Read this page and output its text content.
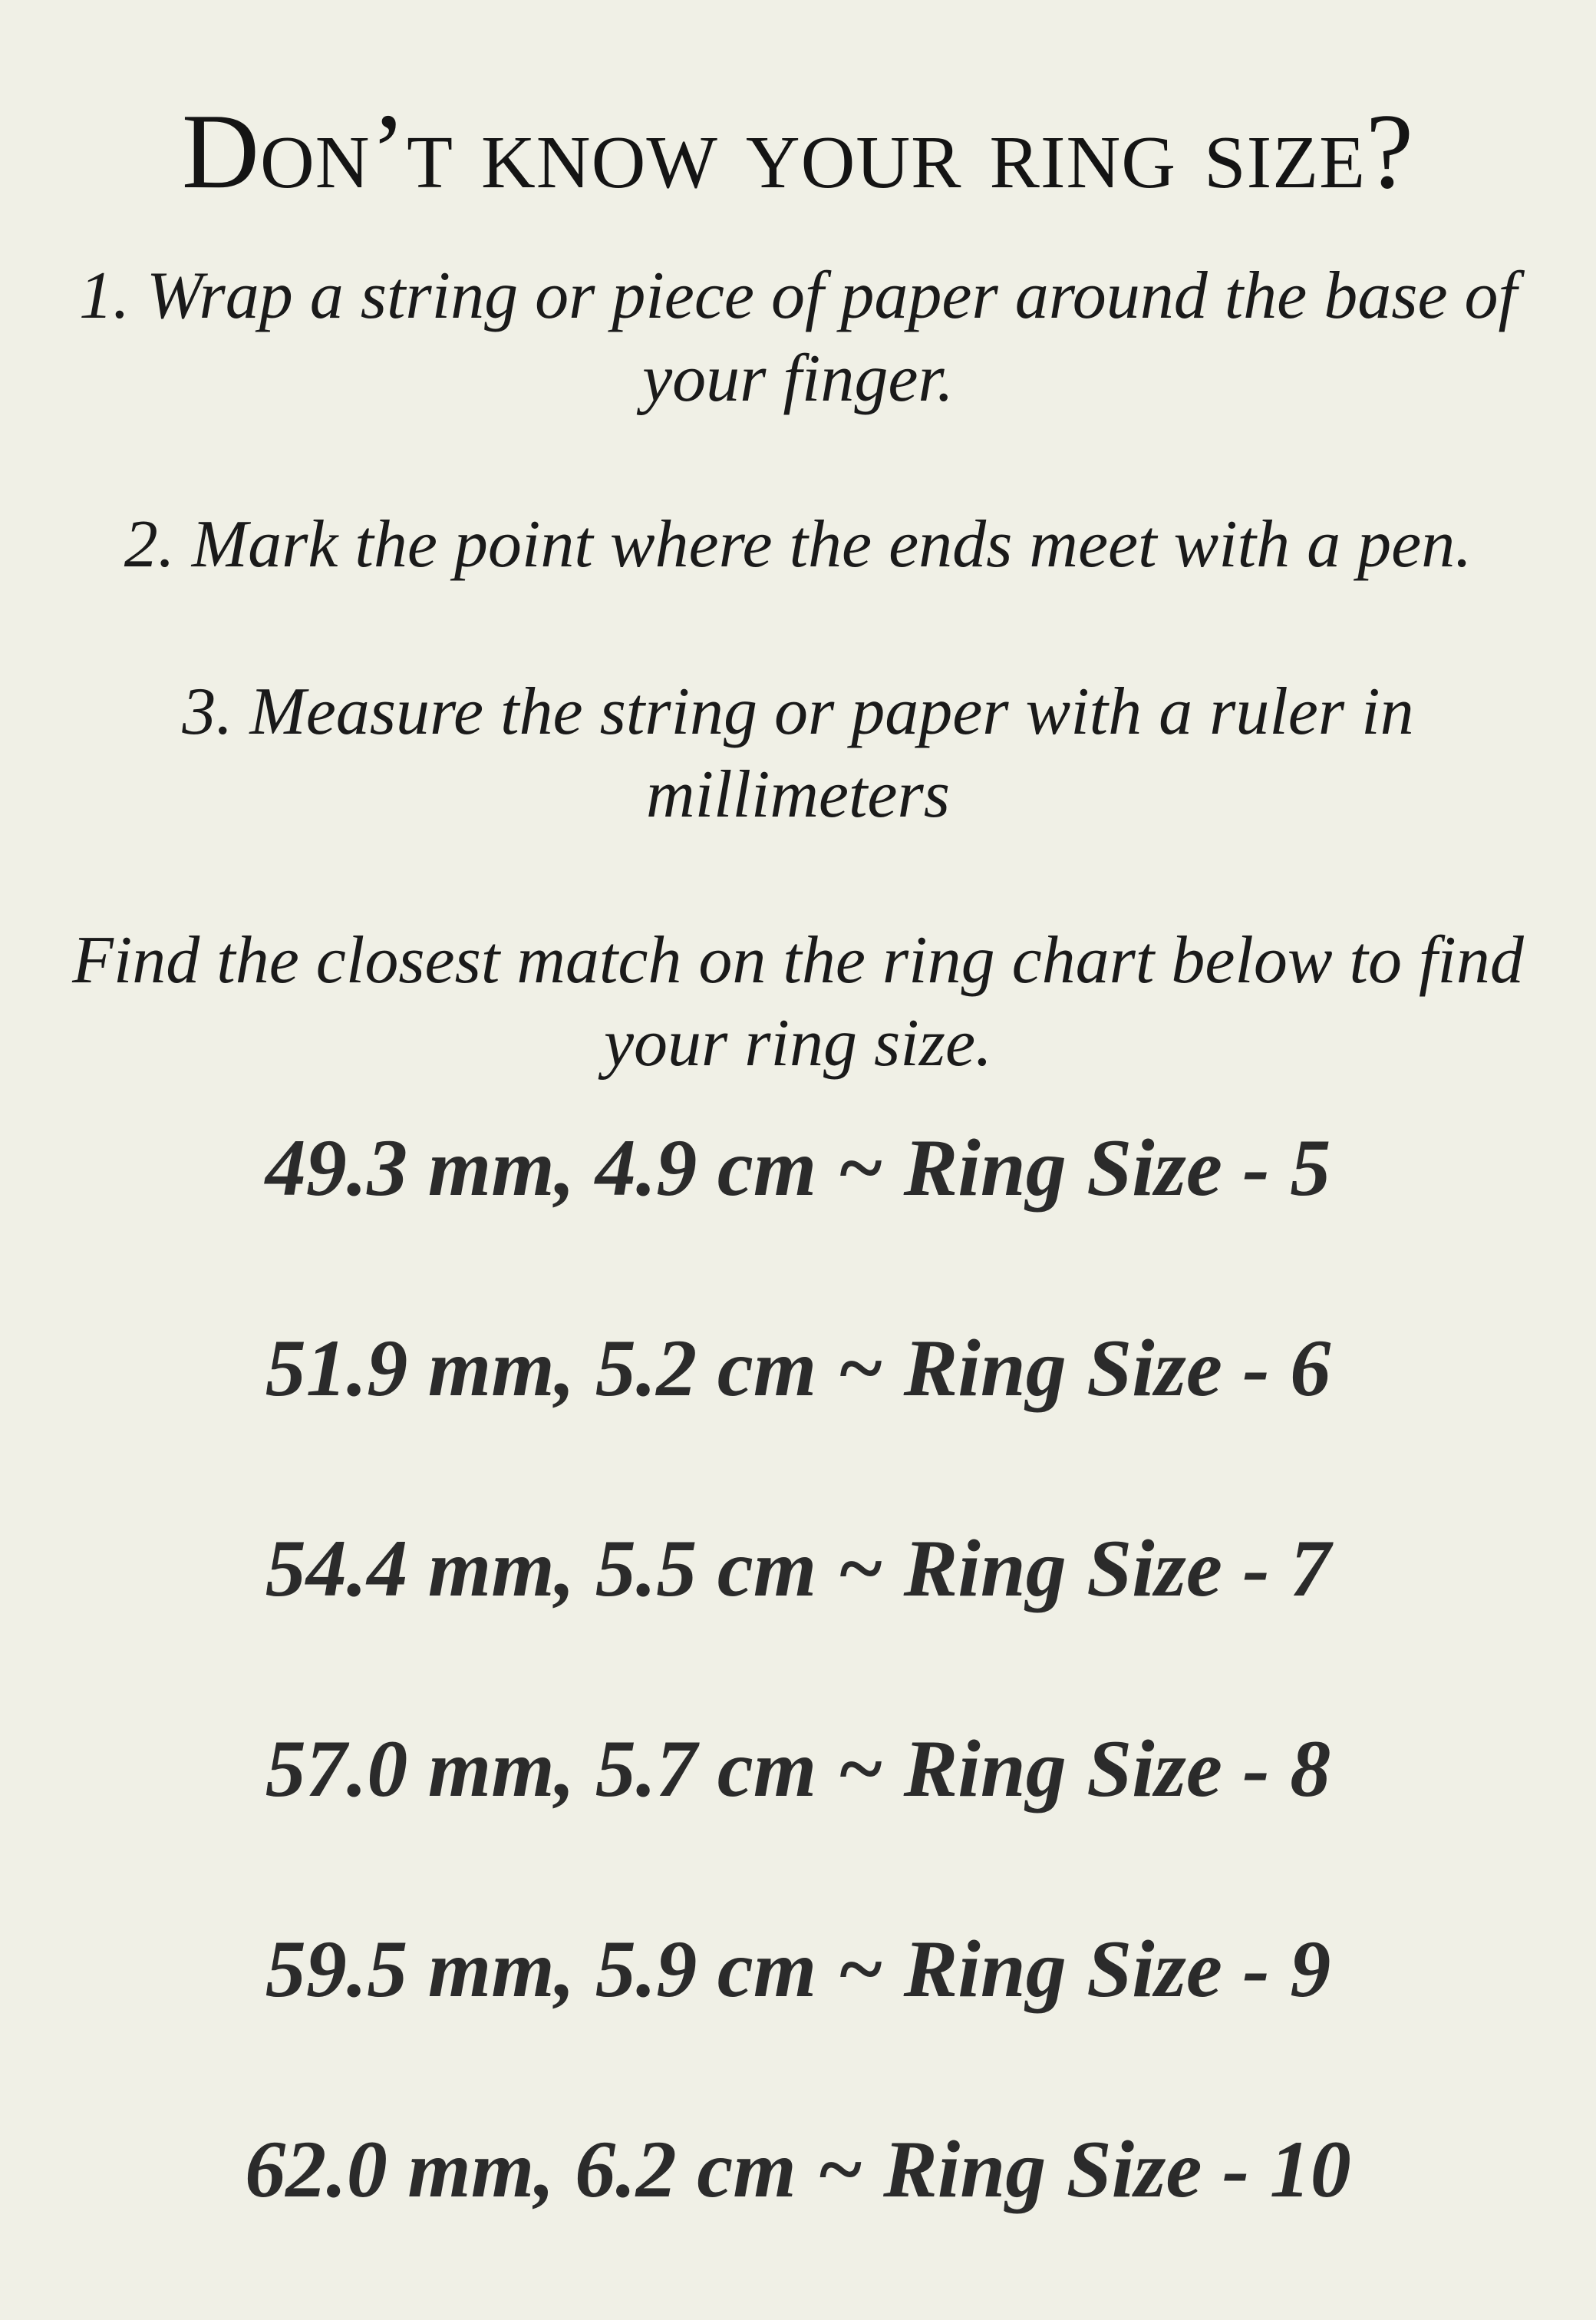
Don’t know your ring size?
1. Wrap a string or piece of paper around the base of your finger.
2. Mark the point where the ends meet with a pen.
3. Measure the string or paper with a ruler in millimeters
Find the closest match on the ring chart below to find your ring size.
49.3 mm, 4.9 cm ~ Ring Size - 5
51.9 mm, 5.2 cm ~ Ring Size - 6
54.4 mm, 5.5 cm ~ Ring Size - 7
57.0 mm, 5.7 cm ~ Ring Size - 8
59.5 mm, 5.9 cm ~ Ring Size - 9
62.0 mm, 6.2 cm ~ Ring Size - 10
